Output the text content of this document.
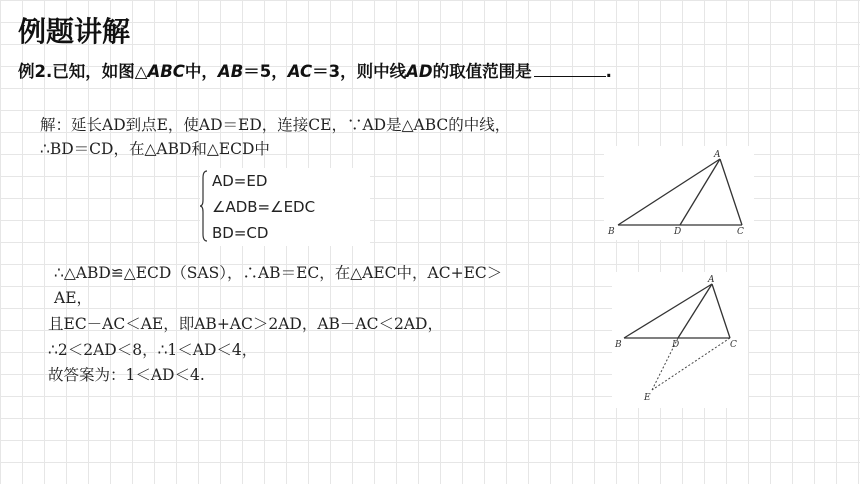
例题讲解
例2.已知，如图△ABC中，AB＝5，AC＝3，则中线AD的取值范围是	.
解：延长AD到点E，使AD＝ED，连接CE，∵AD是△ABC的中线，
∴BD＝CD，在△ABD和△ECD中
AD=ED
∠ADB=∠EDC
BD=CD
∴△ABD≌△ECD（SAS），∴AB＝EC，在△AEC中，AC+EC＞
AE，
且EC－AC＜AE，即AB+AC＞2AD，AB－AC＜2AD，
∴2＜2AD＜8，∴1＜AD＜4，
故答案为：1＜AD＜4.
A
B	D	C
A
B	D	C
E
